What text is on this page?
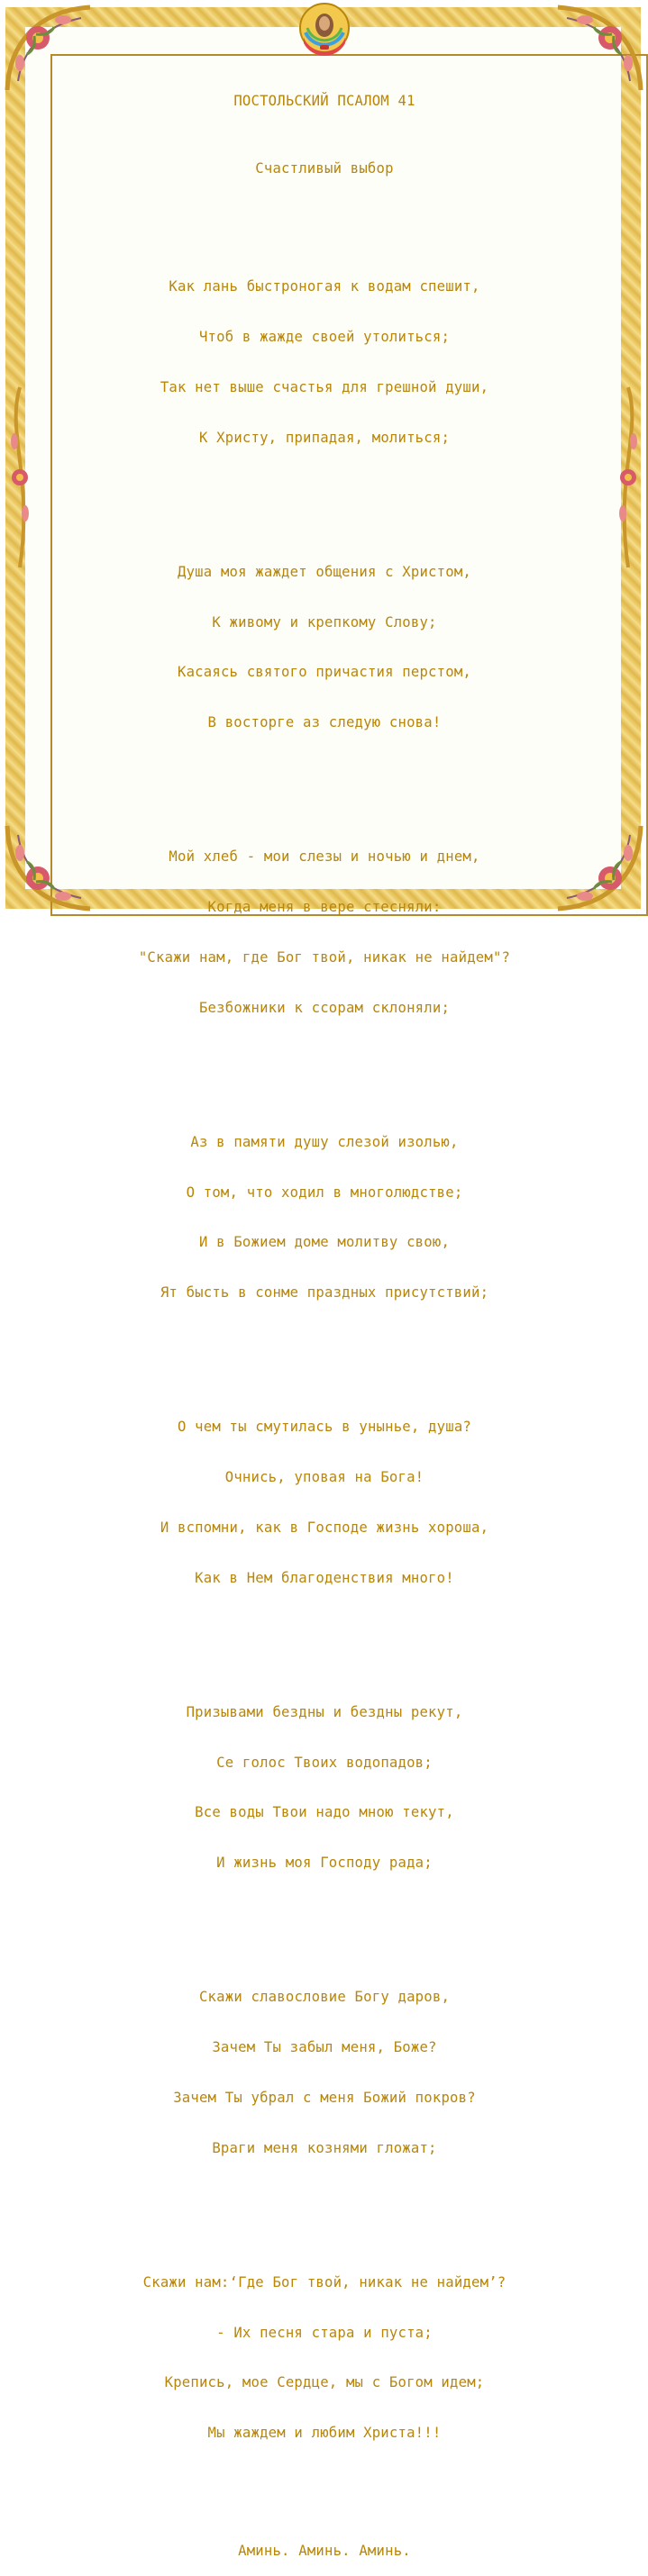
ПОСТОЛЬСКИЙ ПСАЛОМ 41

Счастливый выбор

Как лань быстроногая к водам спешит,

Чтоб в жажде своей утолиться;

Так нет выше счастья для грешной души,

К Христу, припадая, молиться;

Душа моя жаждет общения с Христом,

К живому и крепкому Слову;

Касаясь святого причастия перстом,

В восторге аз следую снова!

Мой хлеб - мои слезы и ночью и днем,

Когда меня в вере стесняли:

"Скажи нам, где Бог твой, никак не найдем"?

Безбожники к ссорам склоняли;

Аз в памяти душу слезой изолью,

О том, что ходил в многолюдстве;

И в Божием доме молитву свою,

Ят бысть в сонме праздных присутствий;

О чем ты смутилась в унынье, душа?

Очнись, уповая на Бога!

И вспомни, как в Господе жизнь хороша,

Как в Нем благоденствия много!

Призывами бездны и бездны рекут,

Се голос Твоих водопадов;

Все воды Твои надо мною текут,

И жизнь моя Господу рада;

Скажи славословие Богу даров,

Зачем Ты забыл меня, Боже?

Зачем Ты убрал с меня Божий покров?

Враги меня кознями гложат;

Скажи нам:‘Где Бог твой, никак не найдем’?

- Их песня стара и пуста;

Крепись, мое Сердце, мы с Богом идем;

Мы жаждем и любим Христа!!!

Аминь. Аминь. Аминь.
